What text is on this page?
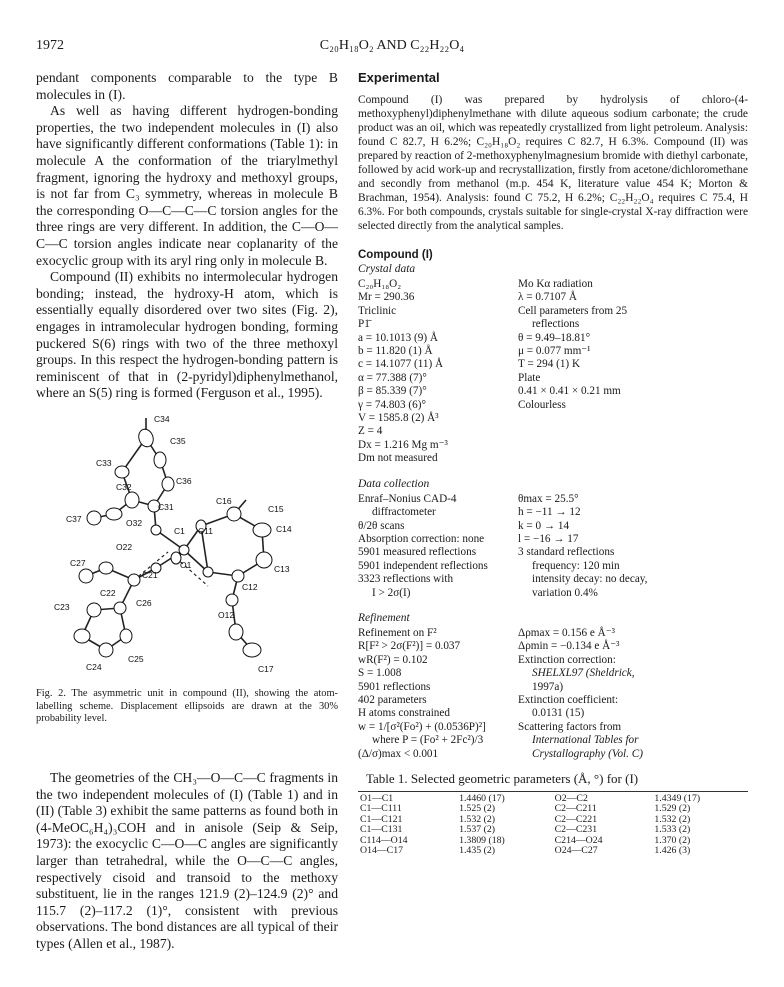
1972	C₂₀H₁₈O₂ AND C₂₂H₂₂O₄

pendant components comparable to the type B molecules in (I).

As well as having different hydrogen-bonding properties, the two independent molecules in (I) also have significantly different conformations (Table 1): in molecule A the conformation of the triarylmethyl fragment, ignoring the hydroxy and methoxyl groups, is not far from C₃ symmetry, whereas in molecule B the corresponding O—C—C—C torsion angles for the three rings are very different. In addition, the C—O—C—C torsion angles indicate near coplanarity of the exocyclic group with its aryl ring only in molecule B.

Compound (II) exhibits no intermolecular hydrogen bonding; instead, the hydroxy-H atom, which is essentially equally disordered over two sites (Fig. 2), engages in intramolecular hydrogen bonding, forming puckered S(6) rings with two of the three methoxyl groups. In this respect the hydrogen-bonding pattern is reminiscent of that in (2-pyridyl)diphenylmethanol, where an S(5) ring is formed (Ferguson et al., 1995).

C34
C35
C33
C36
C32
C31
C16
C15
C37	O32
C1 C11	C14
O22
O1
C27
C21
C13
C12
C22
C26
C23
O12
C25
C24	C17
Fig. 2. The asymmetric unit in compound (II), showing the atom-labelling scheme. Displacement ellipsoids are drawn at the 30% probability level.

The geometries of the CH₃—O—C—C fragments in the two independent molecules of (I) (Table 1) and in (II) (Table 3) exhibit the same patterns as found both in (4-MeOC₆H₄)₃COH and in anisole (Seip & Seip, 1973): the exocyclic C—O—C angles are significantly larger than tetrahedral, while the O—C—C angles, respectively cisoid and transoid to the methoxy substituent, lie in the ranges 121.9 (2)–124.9 (2)° and 115.7 (2)–117.2 (1)°, consistent with previous observations. The bond distances are all typical of their types (Allen et al., 1987).

Experimental

Compound (I) was prepared by hydrolysis of chloro-(4-methoxyphenyl)diphenylmethane with dilute aqueous sodium carbonate; the crude product was an oil, which was repeatedly crystallized from light petroleum. Analysis: found C 82.7, H 6.2%; C₂₀H₁₈O₂ requires C 82.7, H 6.3%. Compound (II) was prepared by reaction of 2-methoxyphenylmagnesium bromide with diethyl carbonate, followed by acid work-up and recrystallization, firstly from acetone/dichloromethane and secondly from methanol (m.p. 454 K, literature value 454 K; Morton & Brachman, 1954). Analysis: found C 75.2, H 6.2%; C₂₂H₂₂O₄ requires C 75.4, H 6.3%. For both compounds, crystals suitable for single-crystal X-ray diffraction were selected directly from the analytical samples.

Compound (I)
Crystal data
C₂₀H₁₈O₂
Mr = 290.36
Triclinic
P1̄
a = 10.1013 (9) Å
b = 11.820 (1) Å
c = 14.1077 (11) Å
α = 77.388 (7)°
β = 85.339 (7)°
γ = 74.803 (6)°
V = 1585.8 (2) Å³
Z = 4
Dx = 1.216 Mg m⁻³
Dm not measured
Mo Kα radiation
λ = 0.7107 Å
Cell parameters from 25
reflections
θ = 9.49–18.81°
μ = 0.077 mm⁻¹
T = 294 (1) K
Plate
0.41 × 0.41 × 0.21 mm
Colourless
Data collection
Enraf–Nonius CAD-4
diffractometer
θ/2θ scans
Absorption correction: none
5901 measured reflections
5901 independent reflections
3323 reflections with
I > 2σ(I)
θmax = 25.5°
h = −11 → 12
k = 0 → 14
l = −16 → 17
3 standard reflections
frequency: 120 min
intensity decay: no decay,
variation 0.4%
Refinement
Refinement on F²
R[F² > 2σ(F²)] = 0.037
wR(F²) = 0.102
S = 1.008
5901 reflections
402 parameters
H atoms constrained
w = 1/[σ²(Fo²) + (0.0536P)²]
where P = (Fo² + 2Fc²)/3
(Δ/σ)max < 0.001
Δρmax = 0.156 e Å⁻³
Δρmin = −0.134 e Å⁻³
Extinction correction:
SHELXL97 (Sheldrick,
1997a)
Extinction coefficient:
0.0131 (15)
Scattering factors from
International Tables for
Crystallography (Vol. C)
Table 1. Selected geometric parameters (Å, °) for (I)
O1—C1	1.4460 (17)	O2—C2	1.4349 (17)
C1—C111	1.525 (2)	C2—C211	1.529 (2)
C1—C121	1.532 (2)	C2—C221	1.532 (2)
C1—C131	1.537 (2)	C2—C231	1.533 (2)
C114—O14	1.3809 (18)	C214—O24	1.370 (2)
O14—C17	1.435 (2)	O24—C27	1.426 (3)
